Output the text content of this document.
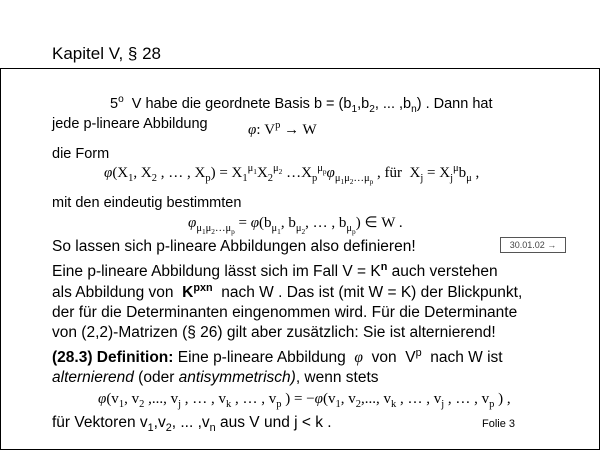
Kapitel V, § 28
5$^o$ V habe die geordnete Basis $b = (b_1,b_2$, ... $,b_n$) . Dann hat
jede p-lineare Abbildung	φ: $V^p \to W$
die Form
$\varphi(X_1$, $X_2$ , … , $X_p) = X_1^{\mu_1}X_2^{\mu_2}$ $\dots X_p^{\mu_p}\varphi_{\mu_1\mu_2\dots\mu_p}$ , für  $X_j = X_j^\mu b_\mu$ ,
mit den eindeutig bestimmten
$\varphi_{\mu_1\mu_2\dots\mu_p} = \varphi(b_{\mu_1}$, $b_{\mu_2}$, … , $b_{\mu_p}$) ∈ W .
So lassen sich p-lineare Abbildungen also definieren!	30.01.02 →
Eine p-lineare Abbildung lässt sich im Fall $V = K^n$ auch verstehen
als Abbildung von $K^{pxn}$ nach W . Das ist (mit W = K) der Blickpunkt,
der für die Determinanten eingenommen wird. Für die Determinante
von (2,2)-Matrizen (§ 26) gilt aber zusätzlich: Sie ist alternierend!
(28.3) Definition: Eine p-lineare Abbildung φ von  $V^p$ nach W ist
alternierend (oder antisymmetrisch), wenn stets
$\varphi(v_1$, $v_2$ ,..., $v_j$ , … , $v_k$ , … , $v_p$ ) = $-\varphi(v_1$, $v_2$,..., $v_k$ , … , $v_j$ , … , $v_p$ ) ,
für Vektoren $v_1,v_2$, ... $,v_n$ aus V und j < k .	Folie 3
